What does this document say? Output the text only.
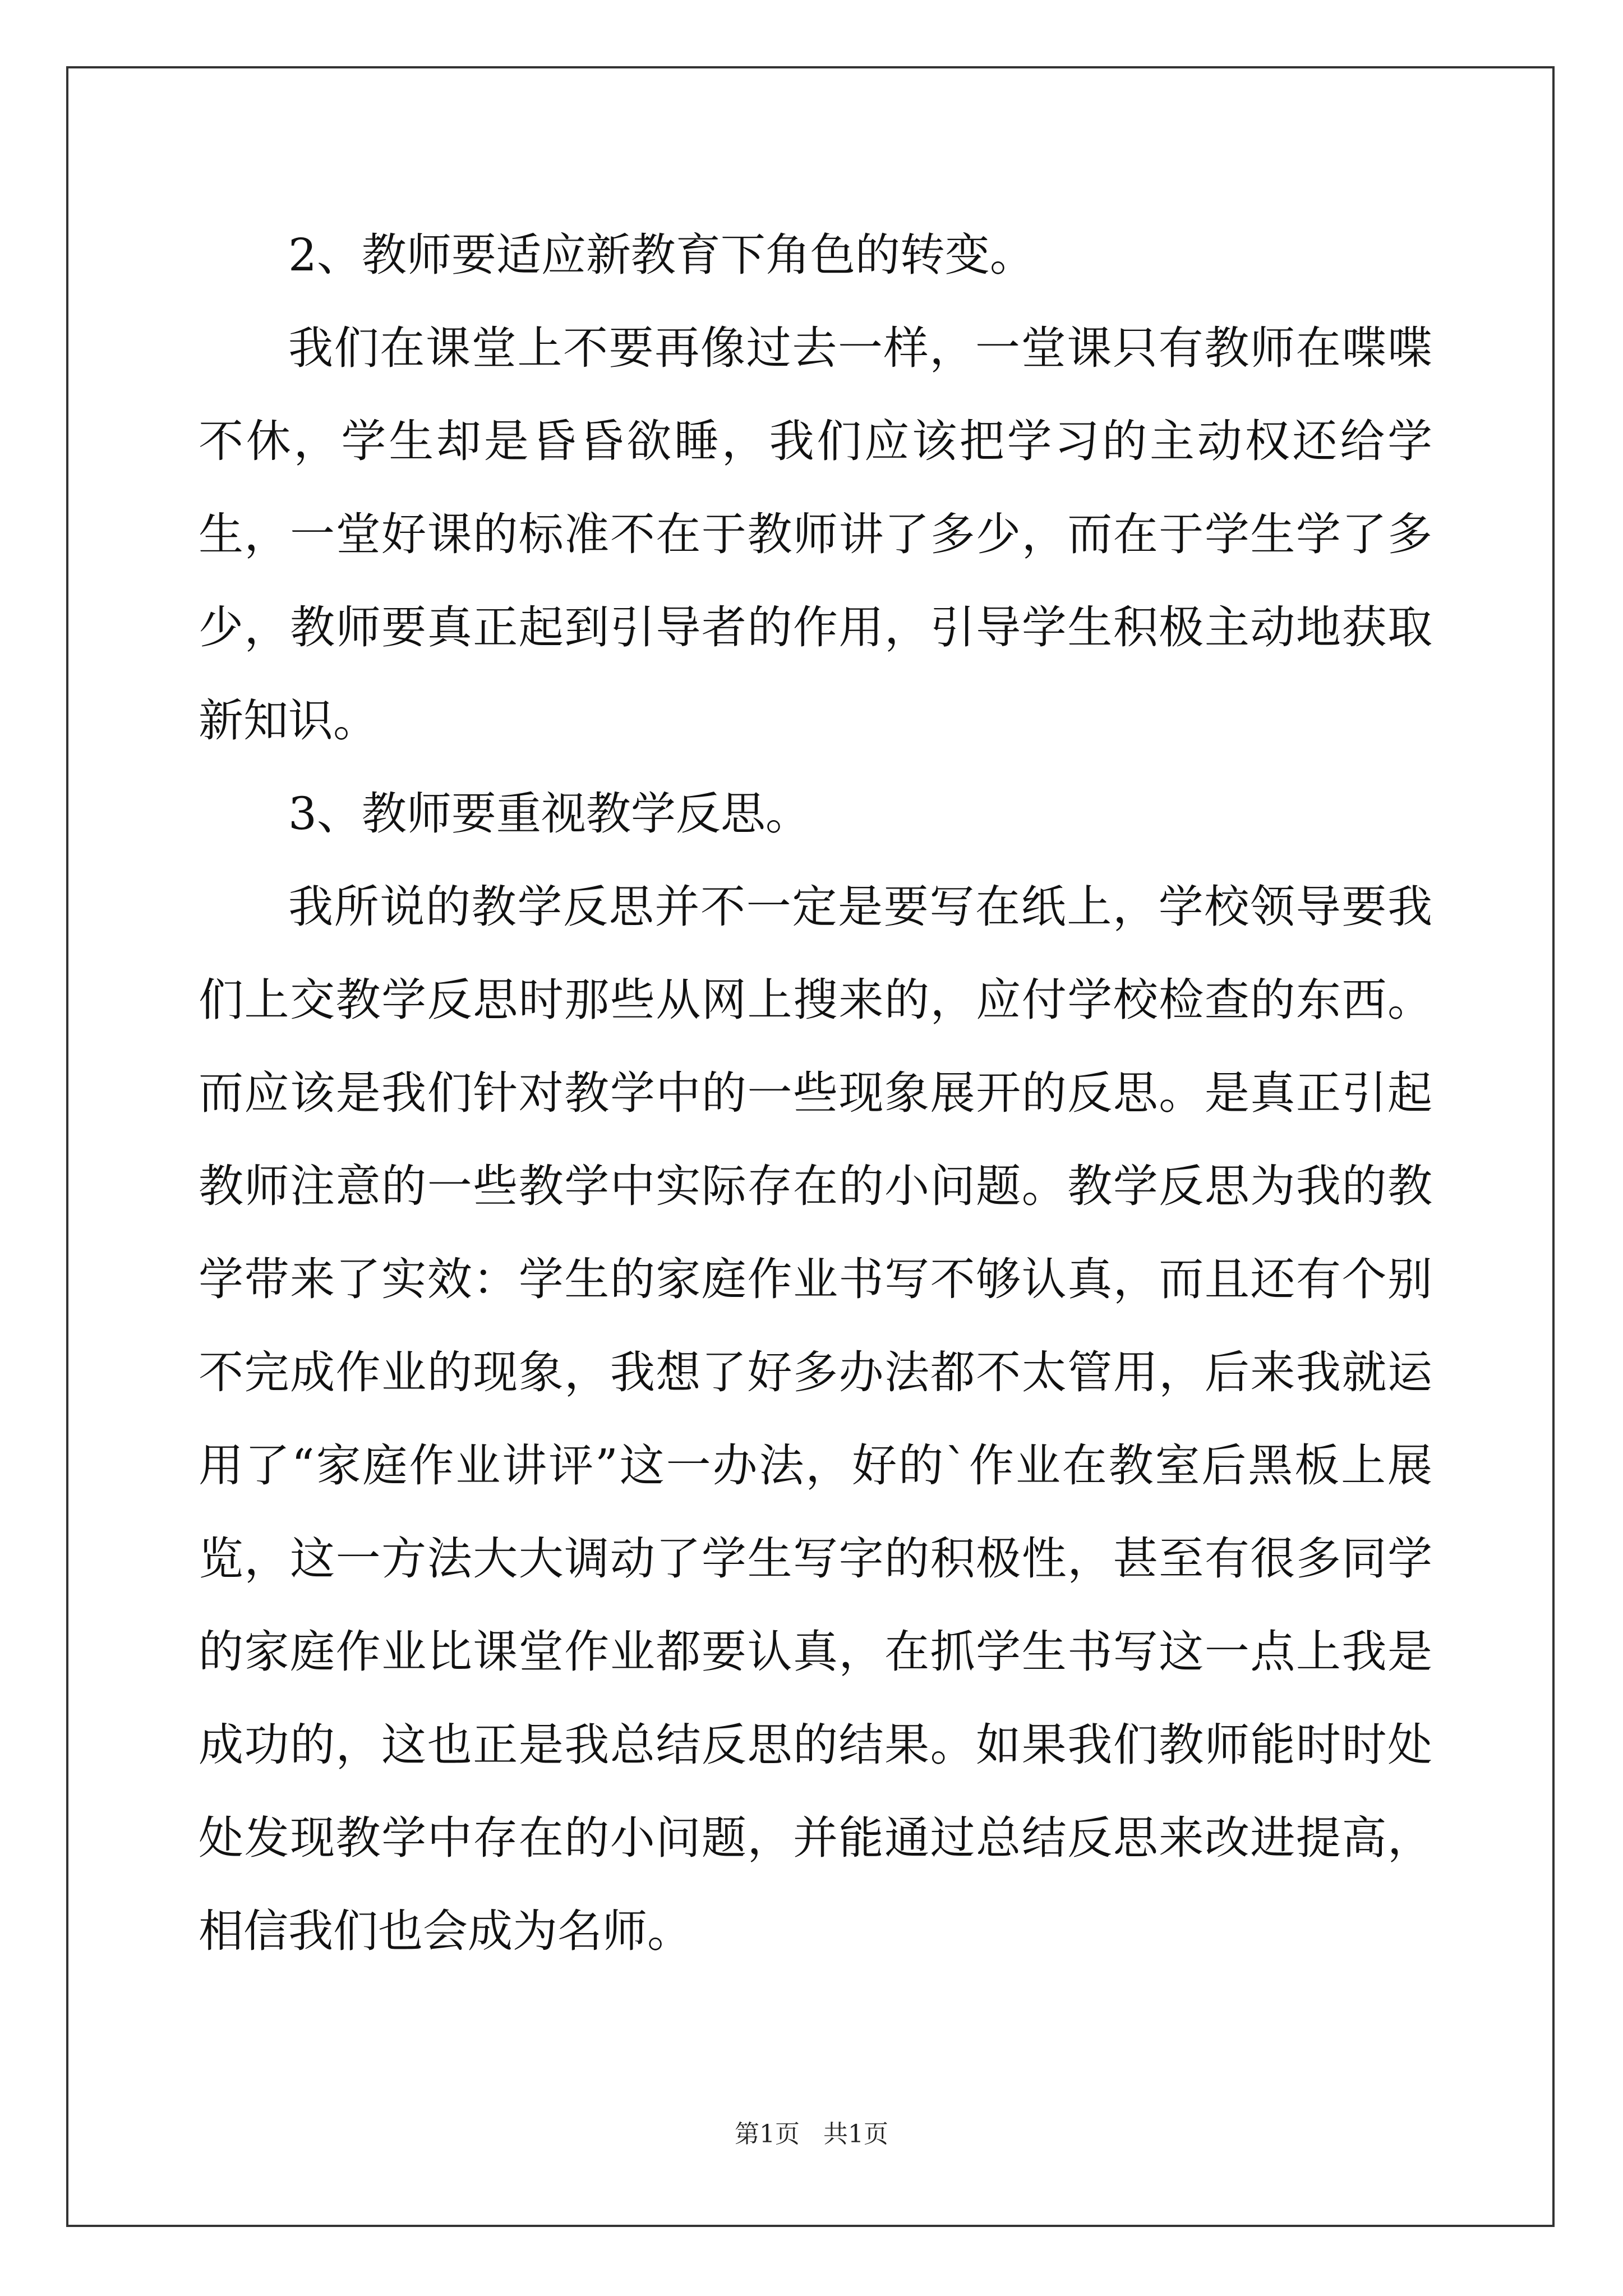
2、教师要适应新教育下角色的转变。

我们在课堂上不要再像过去一样，一堂课只有教师在喋喋不休，学生却是昏昏欲睡，我们应该把学习的主动权还给学生，一堂好课的标准不在于教师讲了多少，而在于学生学了多少，教师要真正起到引导者的作用，引导学生积极主动地获取新知识。

3、教师要重视教学反思。

我所说的教学反思并不一定是要写在纸上，学校领导要我们上交教学反思时那些从网上搜来的，应付学校检查的东西。而应该是我们针对教学中的一些现象展开的反思。是真正引起教师注意的一些教学中实际存在的小问题。教学反思为我的教学带来了实效：学生的家庭作业书写不够认真，而且还有个别不完成作业的现象，我想了好多办法都不太管用，后来我就运用了“家庭作业讲评”这一办法，好的`作业在教室后黑板上展览，这一方法大大调动了学生写字的积极性，甚至有很多同学的家庭作业比课堂作业都要认真，在抓学生书写这一点上我是成功的，这也正是我总结反思的结果。如果我们教师能时时处处发现教学中存在的小问题，并能通过总结反思来改进提高，相信我们也会成为名师。

第1页   共1页
